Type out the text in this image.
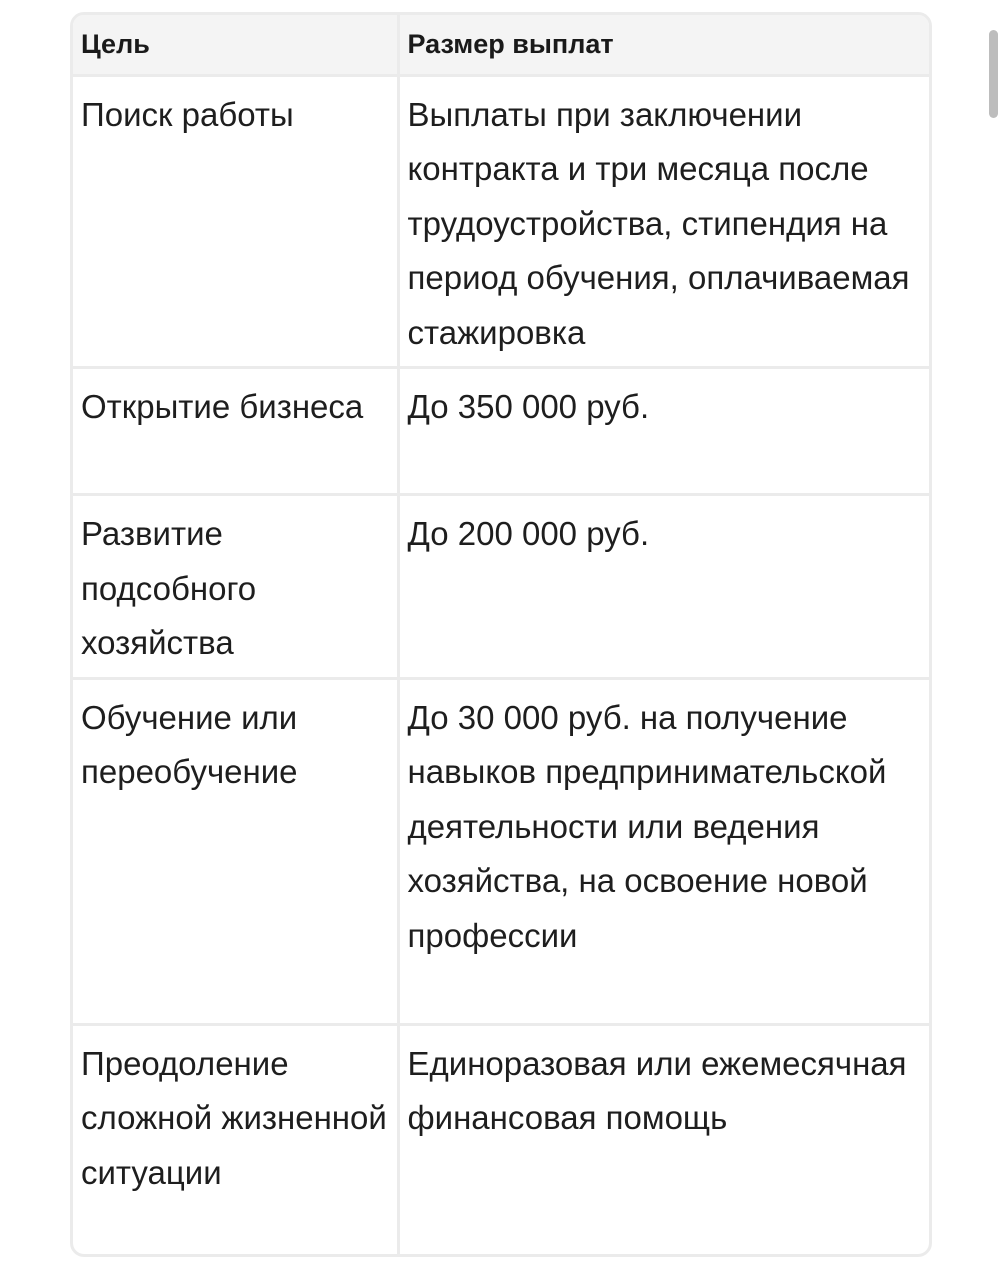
Цель	Размер выплат
Поиск работы	Выплаты при заключении контракта и три месяца после трудоустройства, стипендия на период обучения, оплачиваемая стажировка
Открытие бизнеса	До 350 000 руб.
Развитие подсобного хозяйства	До 200 000 руб.
Обучение или переобучение	До 30 000 руб. на получение навыков предпринимательской деятельности или ведения хозяйства, на освоение новой профессии
Преодоление сложной жизненной ситуации	Единоразовая или ежемесячная финансовая помощь
